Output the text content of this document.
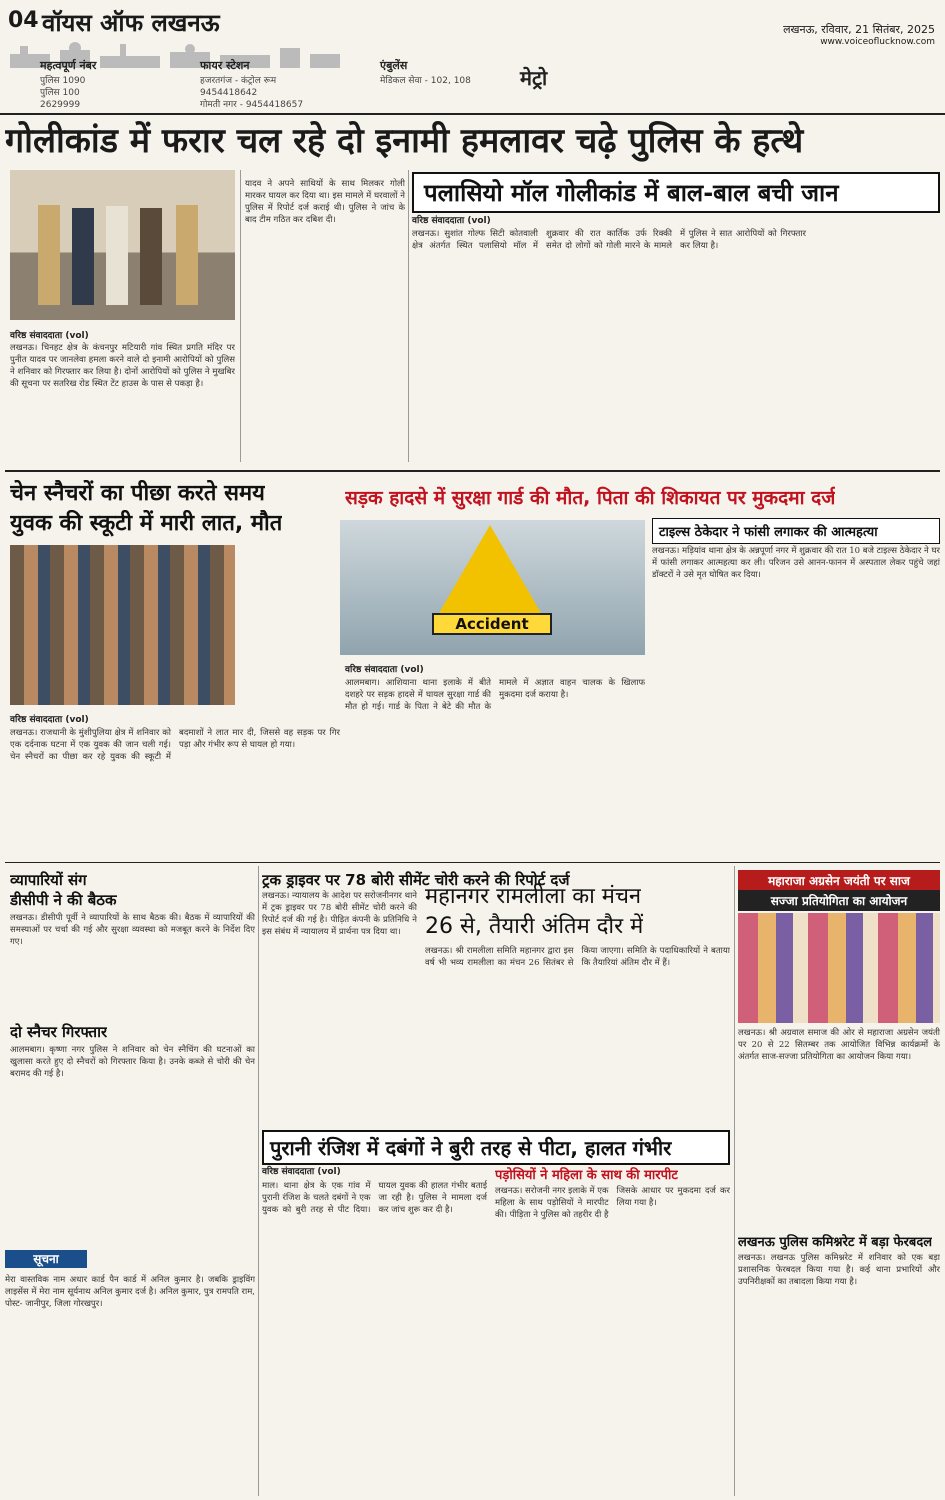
04 वॉयस ऑफ लखनऊ	लखनऊ, रविवार, 21 सितंबर, 2025
www.voiceoflucknow.com
महत्वपूर्ण नंबर
पुलिस 1090
पुलिस 100
2629999
फायर स्टेशन
हजरतगंज - कंट्रोल रूम
9454418642
गोमती नगर - 9454418657
एंबुलेंस
मेडिकल सेवा - 102, 108	मेट्रो
गोलीकांड में फरार चल रहे दो इनामी हमलावर चढ़े पुलिस के हत्थे
वरिष्ठ संवाददाता (vol)
लखनऊ। चिनहट क्षेत्र के कंचनपुर मटियारी गांव स्थित प्रगति मंदिर पर पुनीत यादव पर जानलेवा हमला करने वाले दो इनामी आरोपियों को पुलिस ने शनिवार को गिरफ्तार कर लिया है। दोनों आरोपियों को पुलिस ने मुखबिर की सूचना पर सतरिख रोड स्थित टेंट हाउस के पास से पकड़ा है।
यादव ने अपने साथियों के साथ मिलकर गोली मारकर घायल कर दिया था। इस मामले में घरवालों ने पुलिस में रिपोर्ट दर्ज कराई थी। पुलिस ने जांच के बाद टीम गठित कर दबिश दी।
पलासियो मॉल गोलीकांड में बाल-बाल बची जान
वरिष्ठ संवाददाता (vol)
लखनऊ। सुशांत गोल्फ सिटी कोतवाली क्षेत्र अंतर्गत स्थित पलासियो मॉल में शुक्रवार की रात कार्तिक उर्फ रिक्की समेत दो लोगों को गोली मारने के मामले में पुलिस ने सात आरोपियों को गिरफ्तार कर लिया है।
चेन स्नैचरों का पीछा करते समय
युवक की स्कूटी में मारी लात, मौत
वरिष्ठ संवाददाता (vol)
लखनऊ। राजधानी के मुंशीपुलिया क्षेत्र में शनिवार को एक दर्दनाक घटना में एक युवक की जान चली गई। चेन स्नैचरों का पीछा कर रहे युवक की स्कूटी में बदमाशों ने लात मार दी, जिससे वह सड़क पर गिर पड़ा और गंभीर रूप से घायल हो गया।
सड़क हादसे में सुरक्षा गार्ड की मौत, पिता की शिकायत पर मुकदमा दर्ज
Accident
वरिष्ठ संवाददाता (vol)
आलमबाग। आशियाना थाना इलाके में बीते दशहरे पर सड़क हादसे में घायल सुरक्षा गार्ड की मौत हो गई। गार्ड के पिता ने बेटे की मौत के मामले में अज्ञात वाहन चालक के खिलाफ मुकदमा दर्ज कराया है।
टाइल्स ठेकेदार ने फांसी लगाकर की आत्महत्या
लखनऊ। मड़ियांव थाना क्षेत्र के अन्नपूर्णा नगर में शुक्रवार की रात 10 बजे टाइल्स ठेकेदार ने घर में फांसी लगाकर आत्महत्या कर ली। परिजन उसे आनन-फानन में अस्पताल लेकर पहुंचे जहां डॉक्टरों ने उसे मृत घोषित कर दिया।
व्यापारियों संग
डीसीपी ने की बैठक
लखनऊ। डीसीपी पूर्वी ने व्यापारियों के साथ बैठक की। बैठक में व्यापारियों की समस्याओं पर चर्चा की गई और सुरक्षा व्यवस्था को मजबूत करने के निर्देश दिए गए।
दो स्नैचर गिरफ्तार
आलमबाग। कृष्णा नगर पुलिस ने शनिवार को चेन स्नैचिंग की घटनाओं का खुलासा करते हुए दो स्नैचरों को गिरफ्तार किया है। उनके कब्जे से चोरी की चेन बरामद की गई है।
सूचना
मेरा वास्तविक नाम अधार कार्ड पैन कार्ड में अनिल कुमार है। जबकि ड्राइविंग लाइसेंस में मेरा नाम सूर्यनाथ अनिल कुमार दर्ज है। अनिल कुमार, पुत्र रामपति राम, पोस्ट- जानीपुर, जिला गोरखपुर।
ट्रक ड्राइवर पर 78 बोरी सीमेंट चोरी करने की रिपोर्ट दर्ज
लखनऊ। न्यायालय के आदेश पर सरोजनीनगर थाने में ट्रक ड्राइवर पर 78 बोरी सीमेंट चोरी करने की रिपोर्ट दर्ज की गई है। पीड़ित कंपनी के प्रतिनिधि ने इस संबंध में न्यायालय में प्रार्थना पत्र दिया था।
महानगर रामलीला का मंचन
26 से, तैयारी अंतिम दौर में
लखनऊ। श्री रामलीला समिति महानगर द्वारा इस वर्ष भी भव्य रामलीला का मंचन 26 सितंबर से किया जाएगा। समिति के पदाधिकारियों ने बताया कि तैयारियां अंतिम दौर में हैं।
महाराजा अग्रसेन जयंती पर साज
सज्जा प्रतियोगिता का आयोजन
लखनऊ। श्री अग्रवाल समाज की ओर से महाराजा अग्रसेन जयंती पर 20 से 22 सितम्बर तक आयोजित विभिन्न कार्यक्रमों के अंतर्गत साज-सज्जा प्रतियोगिता का आयोजन किया गया।
पुरानी रंजिश में दबंगों ने बुरी तरह से पीटा, हालत गंभीर
वरिष्ठ संवाददाता (vol)
माल। थाना क्षेत्र के एक गांव में पुरानी रंजिश के चलते दबंगों ने एक युवक को बुरी तरह से पीट दिया। घायल युवक की हालत गंभीर बताई जा रही है। पुलिस ने मामला दर्ज कर जांच शुरू कर दी है।
पड़ोसियों ने महिला के साथ की मारपीट
लखनऊ। सरोजनी नगर इलाके में एक महिला के साथ पड़ोसियों ने मारपीट की। पीड़िता ने पुलिस को तहरीर दी है जिसके आधार पर मुकदमा दर्ज कर लिया गया है।
लखनऊ पुलिस कमिश्नरेट में बड़ा फेरबदल
लखनऊ। लखनऊ पुलिस कमिश्नरेट में शनिवार को एक बड़ा प्रशासनिक फेरबदल किया गया है। कई थाना प्रभारियों और उपनिरीक्षकों का तबादला किया गया है।
